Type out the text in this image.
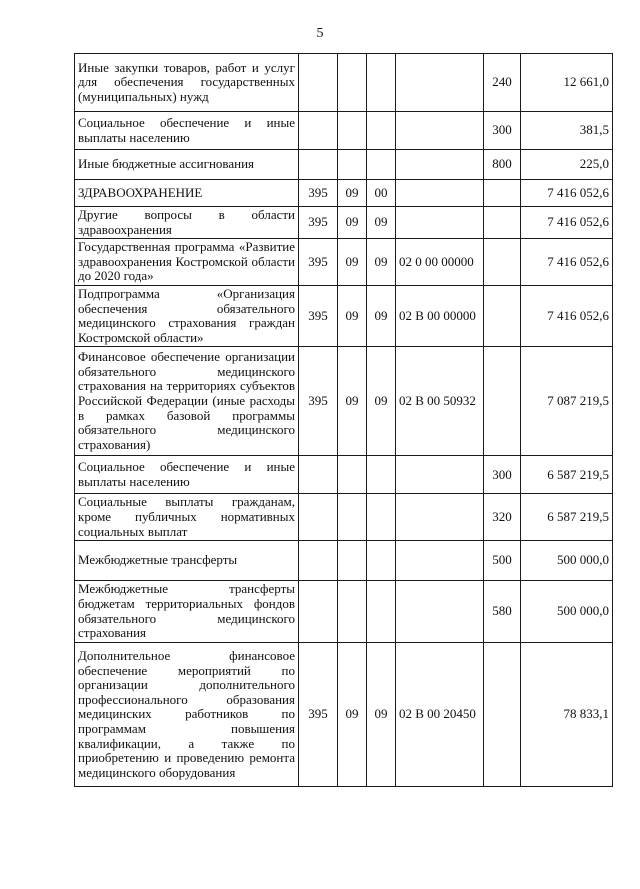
5
Иные закупки товаров, работ и услуг для обеспечения государственных (муниципальных) нужд					240	12 661,0
Социальное обеспечение и иные выплаты населению					300	381,5
Иные бюджетные ассигнования					800	225,0
ЗДРАВООХРАНЕНИЕ	395	09	00			7 416 052,6
Другие вопросы в области здравоохранения	395	09	09			7 416 052,6
Государственная программа «Развитие здравоохранения Костромской области до 2020 года»	395	09	09	02 0 00 00000		7 416 052,6
Подпрограмма «Организация обеспечения обязательного медицинского страхования граждан Костромской области»	395	09	09	02 В 00 00000		7 416 052,6
Финансовое обеспечение организации обязательного медицинского страхования на территориях субъектов Российской Федерации (иные расходы в рамках базовой программы обязательного медицинского страхования)	395	09	09	02 В 00 50932		7 087 219,5
Социальное обеспечение и иные выплаты населению					300	6 587 219,5
Социальные выплаты гражданам, кроме публичных нормативных социальных выплат					320	6 587 219,5
Межбюджетные трансферты					500	500 000,0
Межбюджетные трансферты бюджетам территориальных фондов обязательного медицинского страхования					580	500 000,0
Дополнительное финансовое обеспечение мероприятий по организации дополнительного профессионального образования медицинских работников по программам повышения квалификации, а также по приобретению и проведению ремонта медицинского оборудования	395	09	09	02 В 00 20450		78 833,1
